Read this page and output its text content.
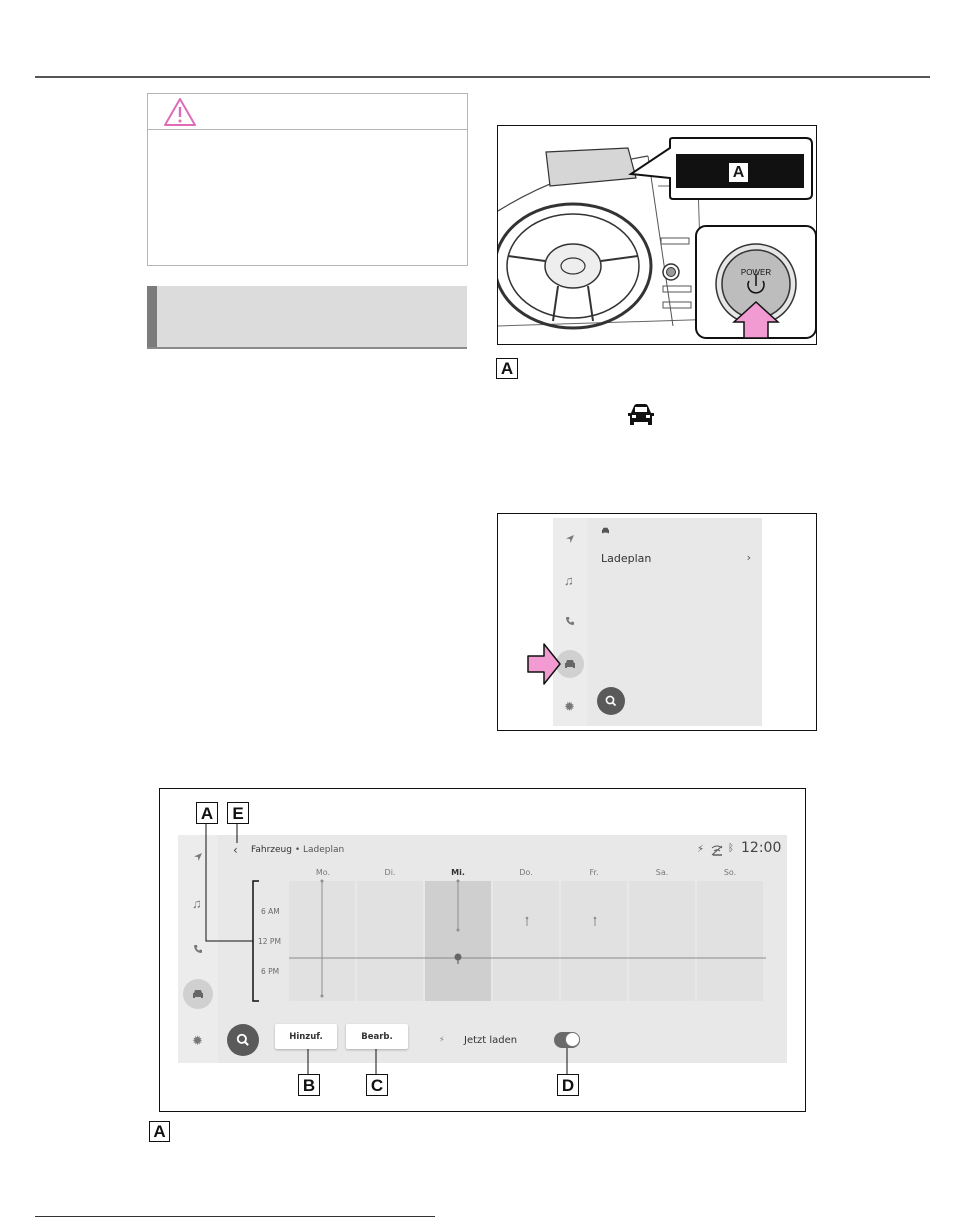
A
POWER
A
♫
✹
Ladeplan	›
♫
✹
‹ Fahrzeug • Ladeplan	⚡ ᛒ 12:00
Mo.	Di.	Mi.	Do.	Fr.	Sa.	So.
6 AM
12 PM
6 PM
Hinzuf.	Bearb.	⚡ Jetzt laden
A	E
B	C	D
A
